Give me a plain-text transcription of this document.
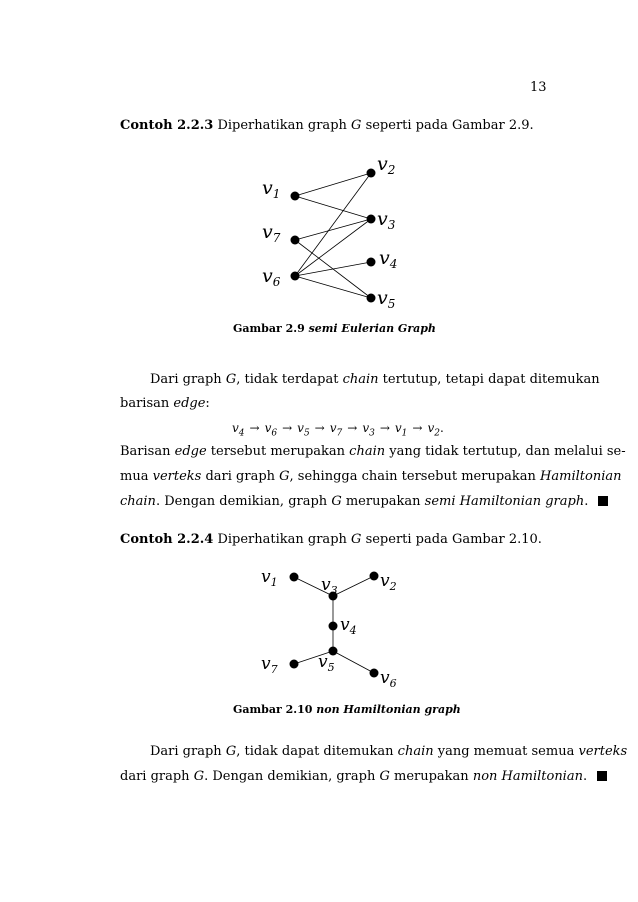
13
Contoh 2.2.3 Diperhatikan graph G seperti pada Gambar 2.9.
$v_1$
$v_2$
$v_3$
$v_4$
$v_5$
$v_6$
$v_7$
$v_1$	$v_2$
$v_3$
$v_4$
$v_5$
$v_6$
$v_7$
Gambar 2.9 semi Eulerian Graph
Dari graph G, tidak terdapat chain tertutup, tetapi dapat ditemukan
barisan edge:
$v_4 \to v_6 \to v_5 \to v_7 \to v_3 \to v_1 \to v_2$.
Barisan edge tersebut merupakan chain yang tidak tertutup, dan melalui se-
mua verteks dari graph G, sehingga chain tersebut merupakan Hamiltonian
chain. Dengan demikian, graph G merupakan semi Hamiltonian graph.
Contoh 2.2.4 Diperhatikan graph G seperti pada Gambar 2.10.
Gambar 2.10 non Hamiltonian graph
Dari graph G, tidak dapat ditemukan chain yang memuat semua verteks
dari graph G. Dengan demikian, graph G merupakan non Hamiltonian.
